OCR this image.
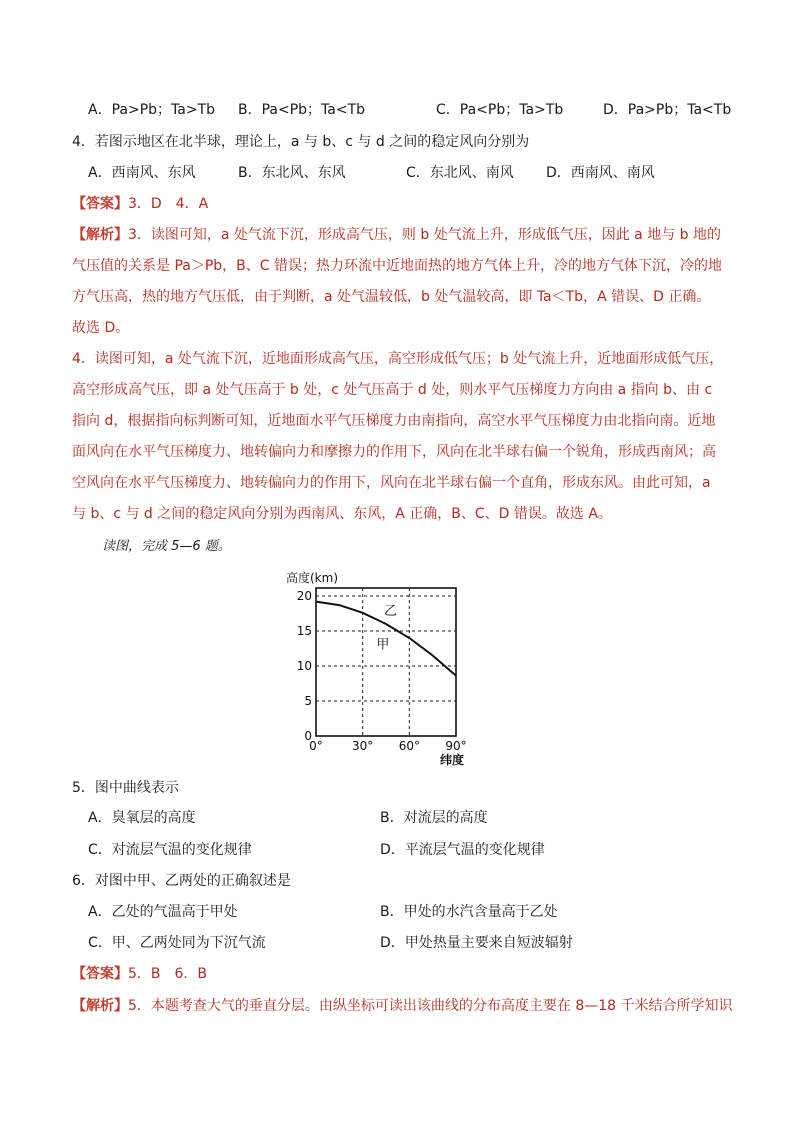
A．Pa>Pb；Ta>Tb B．Pa<Pb；Ta<Tb	C．Pa<Pb；Ta>Tb	D．Pa>Pb；Ta<Tb
4．若图示地区在北半球，理论上，a 与 b、c 与 d 之间的稳定风向分别为
A．西南风、东风	B．东北风、东风	C．东北风、南风 D．西南风、南风
【答案】3．D　4．A
【解析】3．读图可知，a 处气流下沉，形成高气压，则 b 处气流上升，形成低气压，因此 a 地与 b 地的气压值的关系是 Pa＞Pb，B、C 错误；热力环流中近地面热的地方气体上升，冷的地方气体下沉，冷的地方气压高，热的地方气压低，由于判断，a 处气温较低，b 处气温较高，即 Ta＜Tb，A 错误、D 正确。故选 D。
4．读图可知，a 处气流下沉，近地面形成高气压，高空形成低气压；b 处气流上升，近地面形成低气压，高空形成高气压，即 a 处气压高于 b 处，c 处气压高于 d 处，则水平气压梯度力方向由 a 指向 b、由 c 指向 d，根据指向标判断可知，近地面水平气压梯度力由南指向，高空水平气压梯度力由北指向南。近地面风向在水平气压梯度力、地转偏向力和摩擦力的作用下，风向在北半球右偏一个锐角，形成西南风；高空风向在水平气压梯度力、地转偏向力的作用下，风向在北半球右偏一个直角，形成东风。由此可知，a 与 b、c 与 d 之间的稳定风向分别为西南风、东风，A 正确，B、C、D 错误。故选 A。
读图，完成 5—6 题。
0
5
10
15
20
0° 30° 60° 90°
高度(km)
纬度
乙
甲
5．图中曲线表示
A．臭氧层的高度	B．对流层的高度
C．对流层气温的变化规律	D．平流层气温的变化规律
6．对图中甲、乙两处的正确叙述是
A．乙处的气温高于甲处	B．甲处的水汽含量高于乙处
C．甲、乙两处同为下沉气流	D．甲处热量主要来自短波辐射
【答案】5．B　6．B
【解析】5．本题考查大气的垂直分层。由纵坐标可读出该曲线的分布高度主要在 8—18 千米结合所学知识
